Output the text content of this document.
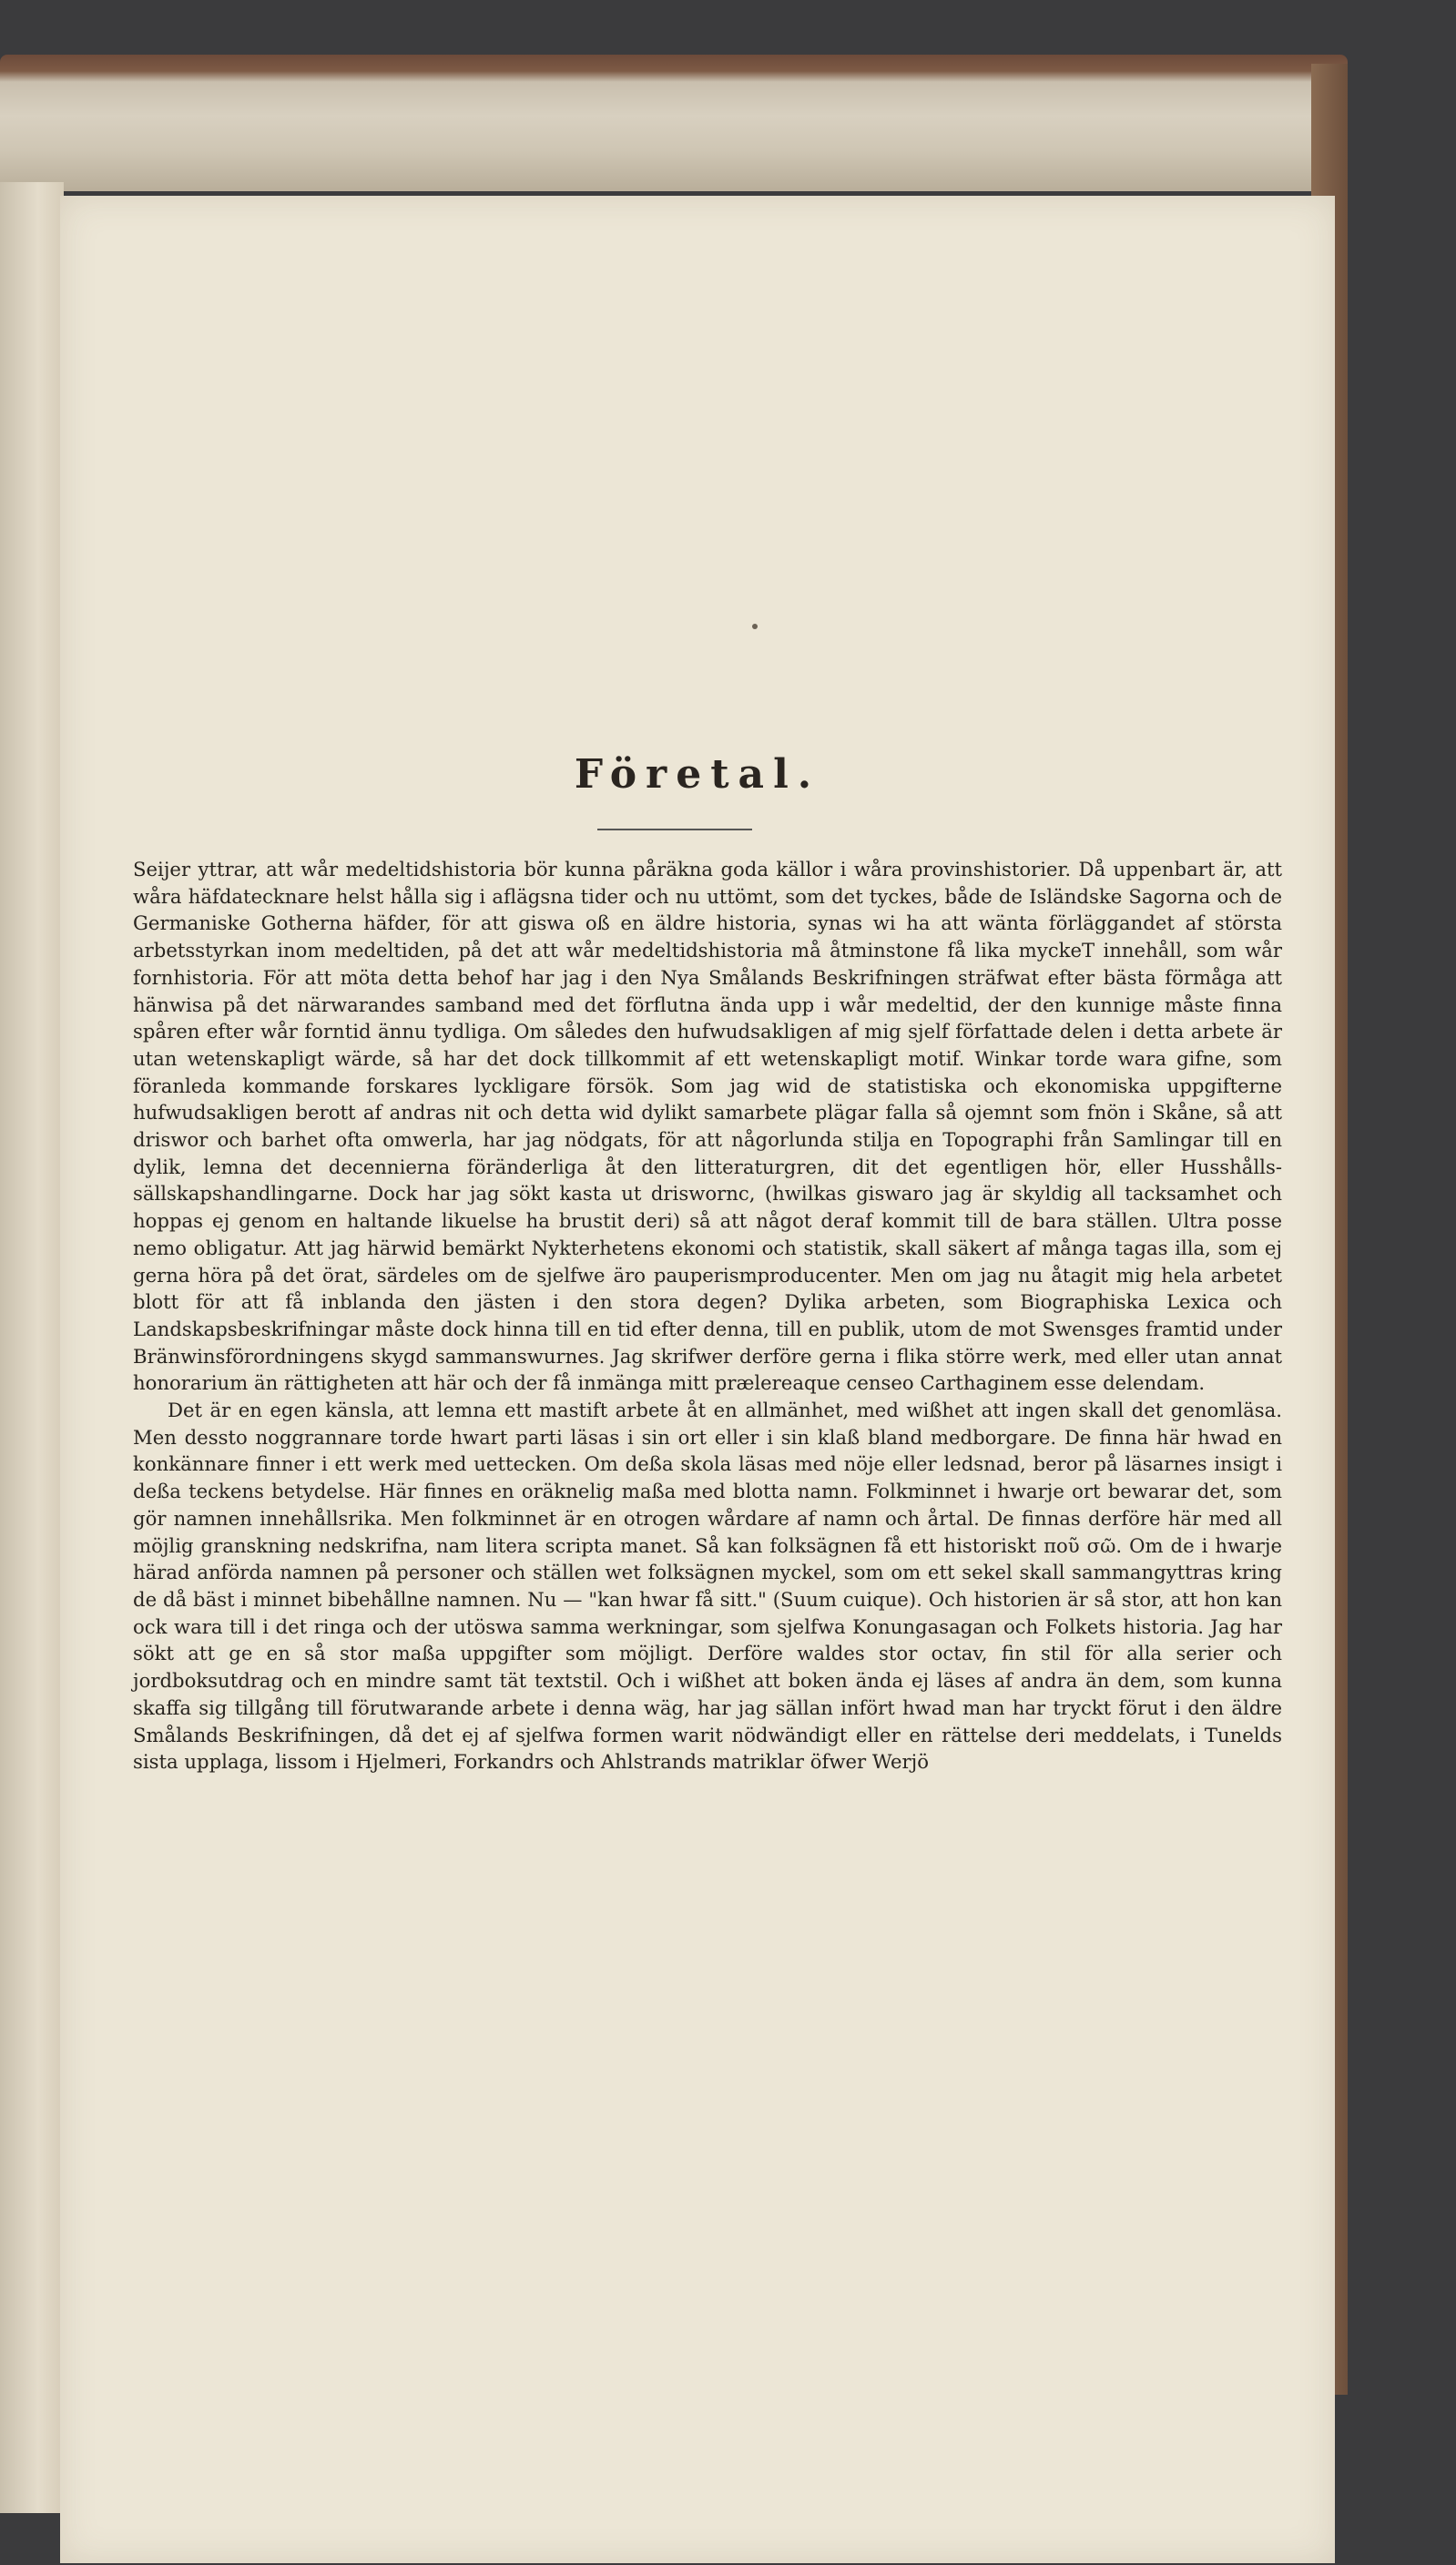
Företal.

Seijer yttrar, att wår medeltidshistoria bör kunna påräkna goda källor i wåra provinshistorier. Då uppenbart är, att wåra häfdatecknare helst hålla sig i aflägsna tider och nu uttömt, som det tyckes, både de Isländske Sagorna och de Germaniske Gotherna häfder, för att giswa oß en äldre historia, synas wi ha att wänta förläggandet af största arbetsstyrkan inom medeltiden, på det att wår medeltidshistoria må åtminstone få lika myckeT innehåll, som wår fornhistoria. För att möta detta behof har jag i den Nya Smålands Beskrifningen sträfwat efter bästa förmåga att hänwisa på det närwarandes samband med det förflutna ända upp i wår medeltid, der den kunnige måste finna spåren efter wår forntid ännu tydliga. Om således den hufwudsakligen af mig sjelf författade delen i detta arbete är utan wetenskapligt wärde, så har det dock tillkommit af ett wetenskapligt motif. Winkar torde wara gifne, som föranleda kommande forskares lyckligare försök. Som jag wid de statistiska och ekonomiska uppgifterne hufwudsakligen berott af andras nit och detta wid dylikt samarbete plägar falla så ojemnt som fnön i Skåne, så att driswor och barhet ofta omwerla, har jag nödgats, för att någorlunda stilja en Topographi från Samlingar till en dylik, lemna det decennierna föränderliga åt den litteraturgren, dit det egentligen hör, eller Husshålls-sällskapshandlingarne. Dock har jag sökt kasta ut driswornc, (hwilkas giswaro jag är skyldig all tacksamhet och hoppas ej genom en haltande likuelse ha brustit deri) så att något deraf kommit till de bara ställen. Ultra posse nemo obligatur. Att jag härwid bemärkt Nykterhetens ekonomi och statistik, skall säkert af många tagas illa, som ej gerna höra på det örat, särdeles om de sjelfwe äro pauperismproducenter. Men om jag nu åtagit mig hela arbetet blott för att få inblanda den jästen i den stora degen? Dylika arbeten, som Biographiska Lexica och Landskapsbeskrifningar måste dock hinna till en tid efter denna, till en publik, utom de mot Swensges framtid under Bränwinsförordningens skygd sammanswurnes. Jag skrifwer derföre gerna i flika större werk, med eller utan annat honorarium än rättigheten att här och der få inmänga mitt prælereaque censeo Carthaginem esse delendam.

Det är en egen känsla, att lemna ett mastift arbete åt en allmänhet, med wißhet att ingen skall det genomläsa. Men dessto noggrannare torde hwart parti läsas i sin ort eller i sin klaß bland medborgare. De finna här hwad en konkännare finner i ett werk med uettecken. Om deßa skola läsas med nöje eller ledsnad, beror på läsarnes insigt i deßa teckens betydelse. Här finnes en oräknelig maßa med blotta namn. Folkminnet i hwarje ort bewarar det, som gör namnen innehållsrika. Men folkminnet är en otrogen wårdare af namn och årtal. De finnas derföre här med all möjlig granskning nedskrifna, nam litera scripta manet. Så kan folksägnen få ett historiskt πoῦ σῶ. Om de i hwarje härad anförda namnen på personer och ställen wet folksägnen myckel, som om ett sekel skall sammangyttras kring de då bäst i minnet bibehållne namnen. Nu — "kan hwar få sitt." (Suum cuique). Och historien är så stor, att hon kan ock wara till i det ringa och der utöswa samma werkningar, som sjelfwa Konungasagan och Folkets historia. Jag har sökt att ge en så stor maßa uppgifter som möjligt. Derföre waldes stor octav, fin stil för alla serier och jordboksutdrag och en mindre samt tät textstil. Och i wißhet att boken ända ej läses af andra än dem, som kunna skaffa sig tillgång till förutwarande arbete i denna wäg, har jag sällan infört hwad man har tryckt förut i den äldre Smålands Beskrifningen, då det ej af sjelfwa formen warit nödwändigt eller en rättelse deri meddelats, i Tunelds sista upplaga, lissom i Hjelmeri, Forkandrs och Ahlstrands matriklar öfwer Werjö
